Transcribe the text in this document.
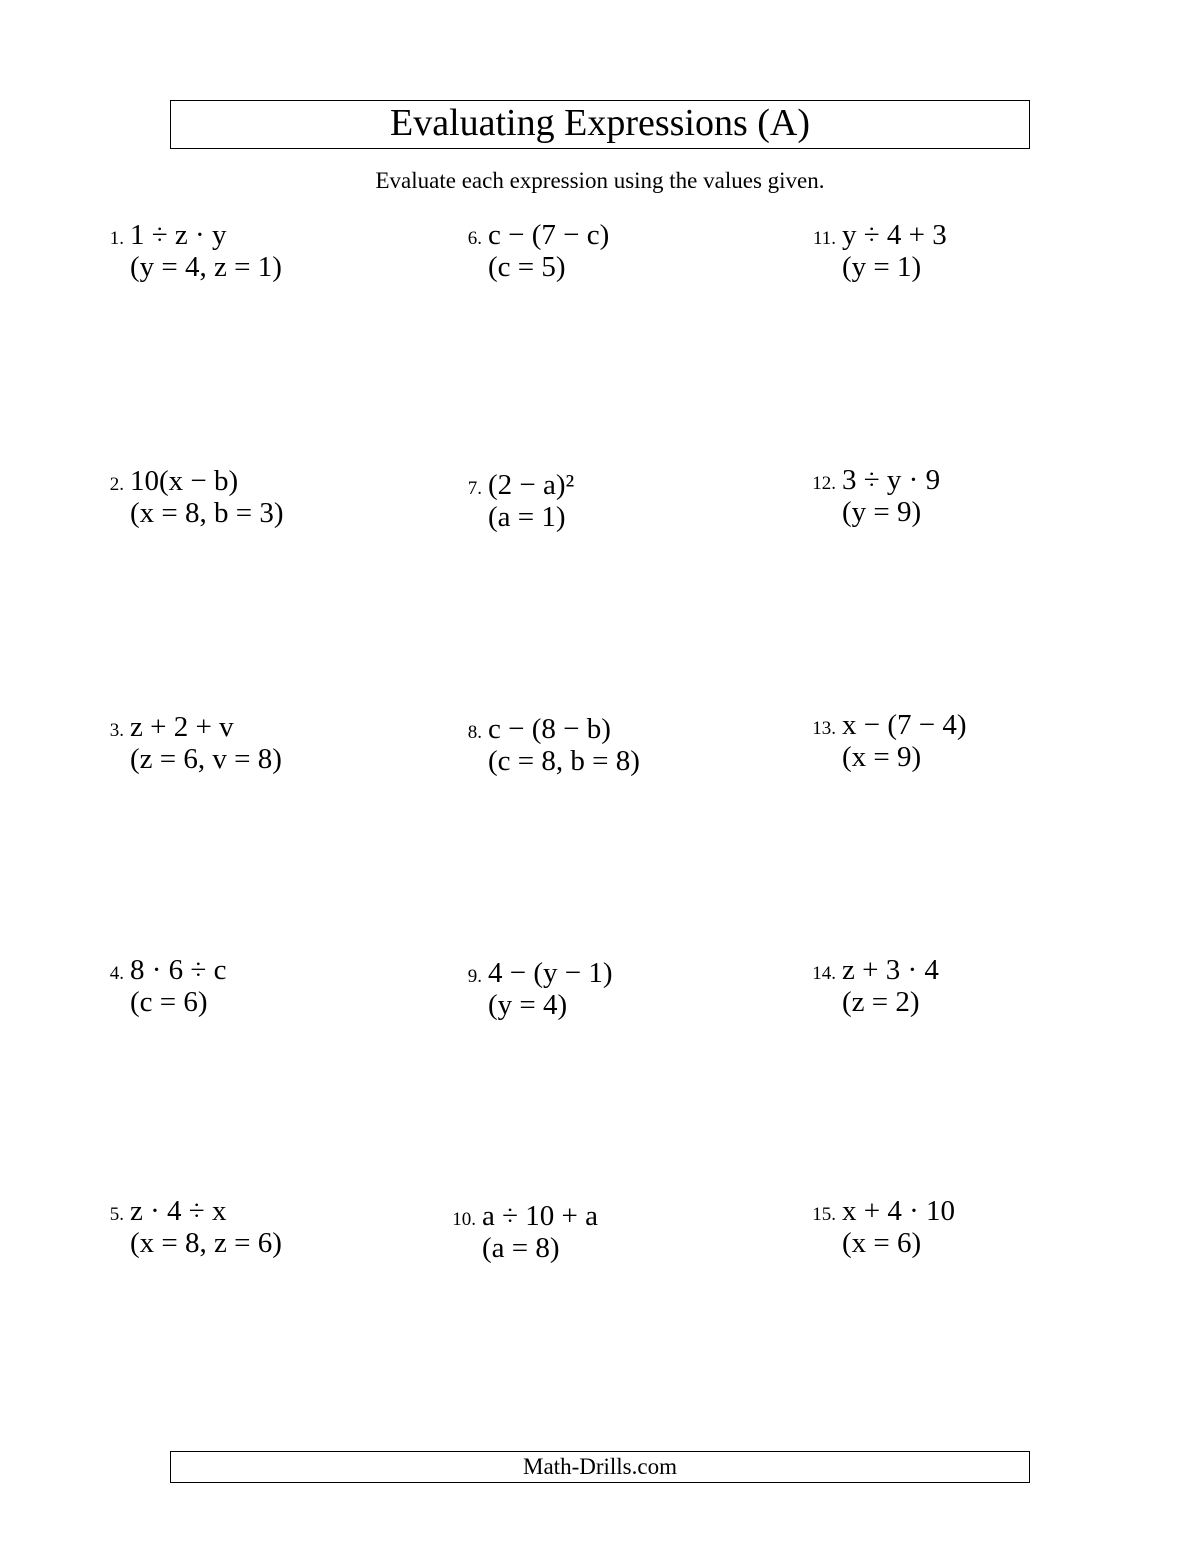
Evaluating Expressions (A)
Evaluate each expression using the values given.
1. 1 ÷ z · y
(y = 4, z = 1)
2. 10(x − b)
(x = 8, b = 3)
3. z + 2 + v
(z = 6, v = 8)
4. 8 · 6 ÷ c
(c = 6)
5. z · 4 ÷ x
(x = 8, z = 6)
6. c − (7 − c)
(c = 5)
7. (2 − a)²
(a = 1)
8. c − (8 − b)
(c = 8, b = 8)
9. 4 − (y − 1)
(y = 4)
10. a ÷ 10 + a
(a = 8)
11. y ÷ 4 + 3
(y = 1)
12. 3 ÷ y · 9
(y = 9)
13. x − (7 − 4)
(x = 9)
14. z + 3 · 4
(z = 2)
15. x + 4 · 10
(x = 6)
Math-Drills.com
